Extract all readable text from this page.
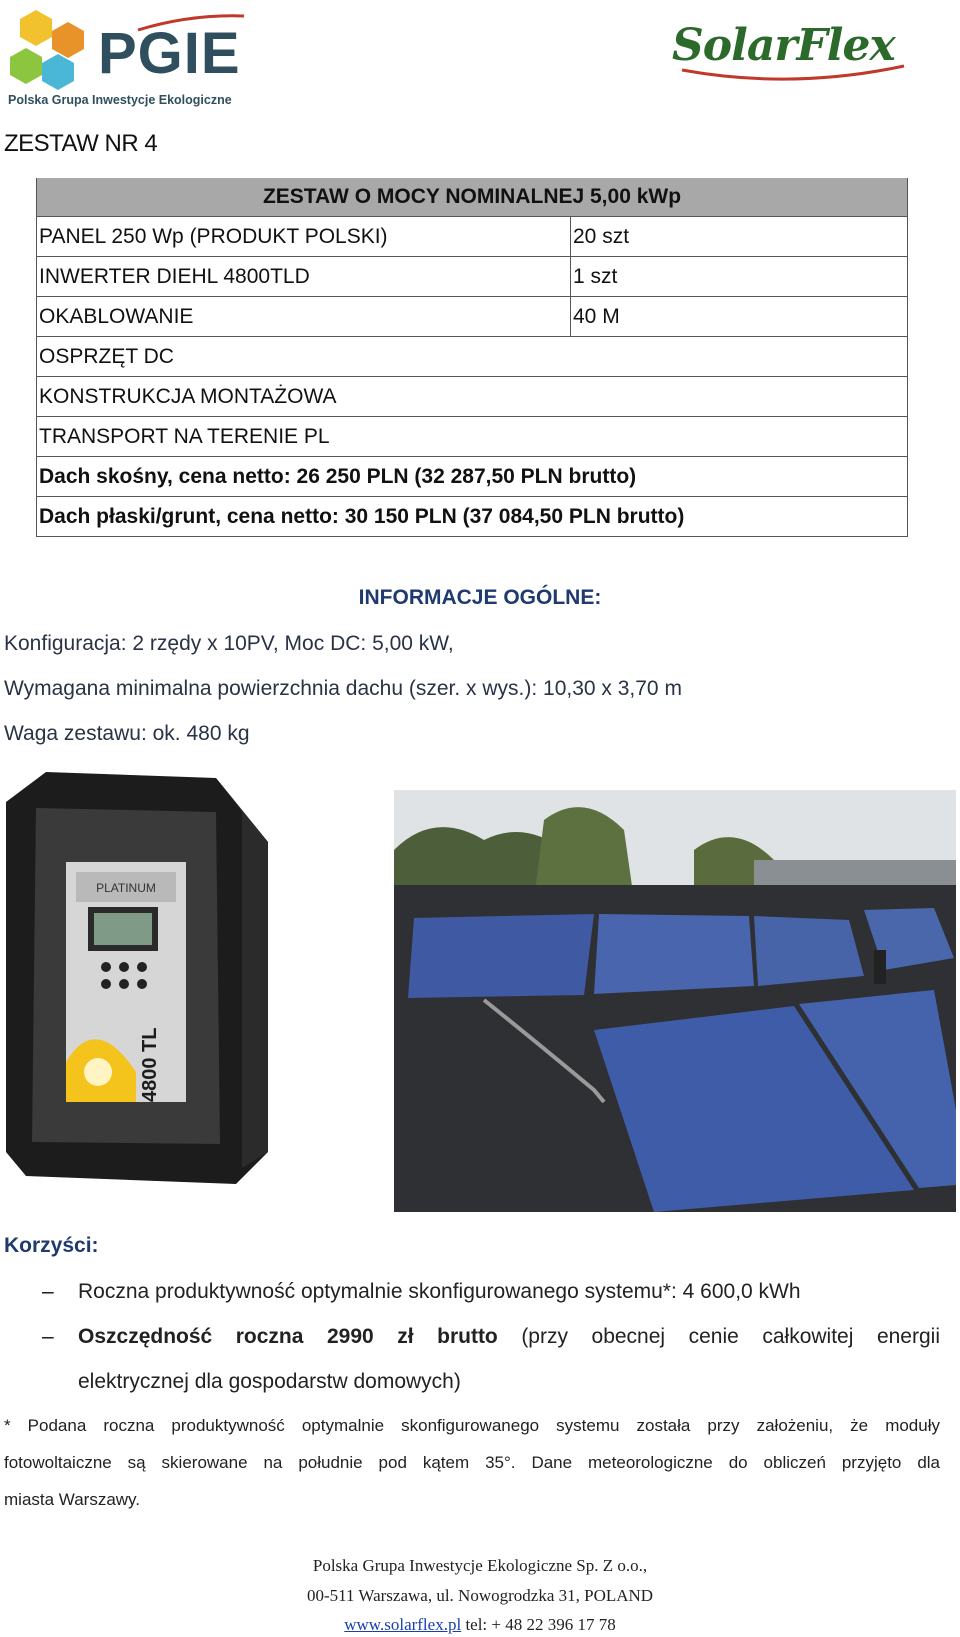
PGIE
Polska Grupa Inwestycje Ekologiczne
SolarFlex
ZESTAW NR 4
ZESTAW O MOCY NOMINALNEJ 5,00 kWp	
PANEL 250 Wp (PRODUKT POLSKI)	20 szt
INWERTER DIEHL 4800TLD	1 szt
OKABLOWANIE	40 M
OSPRZĘT DC	
KONSTRUKCJA MONTAŻOWA	
TRANSPORT NA TERENIE PL	
Dach skośny, cena netto: 26 250 PLN (32 287,50 PLN brutto)	
Dach płaski/grunt, cena netto: 30 150 PLN (37 084,50 PLN brutto)	
INFORMACJE OGÓLNE:
Konfiguracja: 2 rzędy x 10PV, Moc DC: 5,00 kW,
Wymagana minimalna powierzchnia dachu (szer. x wys.): 10,30 x 3,70 m
Waga zestawu: ok. 480 kg
PLATINUM
4800 TL
Korzyści:
– Roczna produktywność optymalnie skonfigurowanego systemu*: 4 600,0 kWh
– Oszczędność roczna 2990 zł brutto (przy obecnej cenie całkowitej energii
elektrycznej dla gospodarstw domowych)
* Podana roczna produktywność optymalnie skonfigurowanego systemu została przy założeniu, że moduły
fotowoltaiczne są skierowane na południe pod kątem 35°. Dane meteorologiczne do obliczeń przyjęto dla
miasta Warszawy.
Polska Grupa Inwestycje Ekologiczne Sp. Z o.o.,
00-511 Warszawa, ul. Nowogrodzka 31, POLAND
www.solarflex.pl tel: + 48 22 396 17 78
